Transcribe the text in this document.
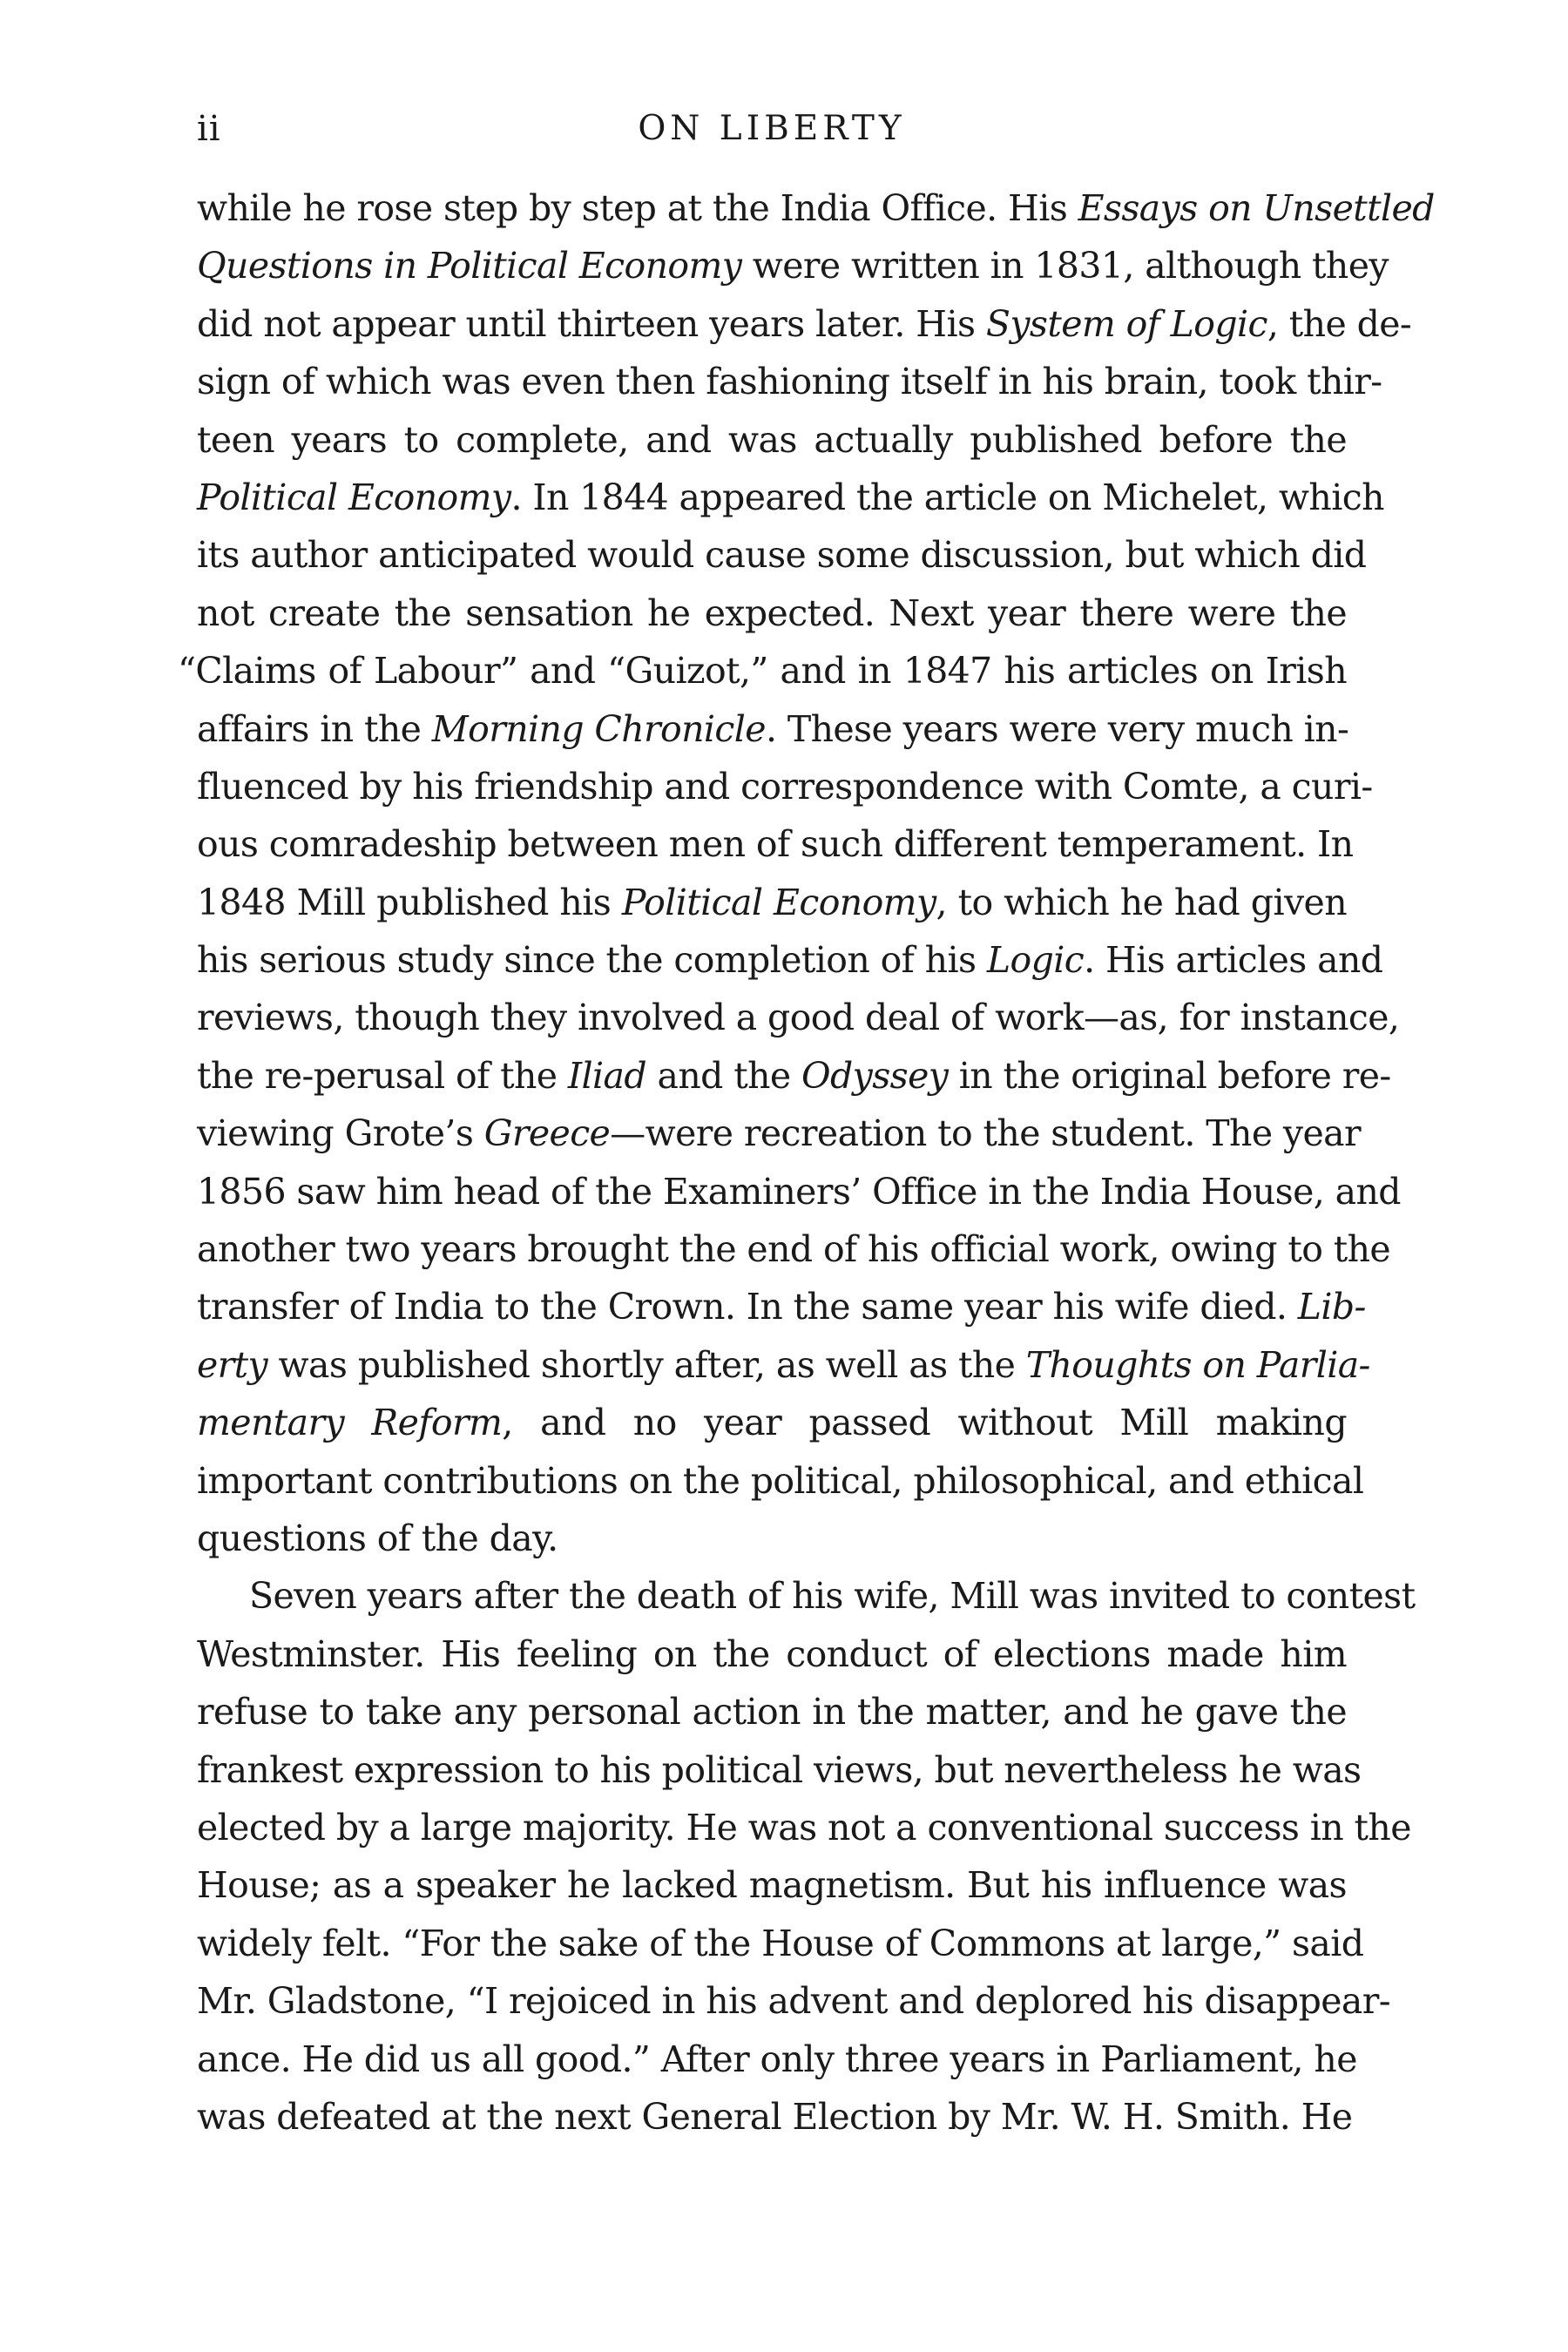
ii	ON LIBERTY
while he rose step by step at the India Office. His Essays on Unsettled
Questions in Political Economy were written in 1831, although they
did not appear until thirteen years later. His System of Logic, the de-
sign of which was even then fashioning itself in his brain, took thir-
teen years to complete, and was actually published before the
Political Economy. In 1844 appeared the article on Michelet, which
its author anticipated would cause some discussion, but which did
not create the sensation he expected. Next year there were the
“Claims of Labour” and “Guizot,” and in 1847 his articles on Irish
affairs in the Morning Chronicle. These years were very much in-
fluenced by his friendship and correspondence with Comte, a curi-
ous comradeship between men of such different temperament. In
1848 Mill published his Political Economy, to which he had given
his serious study since the completion of his Logic. His articles and
reviews, though they involved a good deal of work—as, for instance,
the re-perusal of the Iliad and the Odyssey in the original before re-
viewing Grote’s Greece—were recreation to the student. The year
1856 saw him head of the Examiners’ Office in the India House, and
another two years brought the end of his official work, owing to the
transfer of India to the Crown. In the same year his wife died. Lib-
erty was published shortly after, as well as the Thoughts on Parlia-
mentary Reform, and no year passed without Mill making
important contributions on the political, philosophical, and ethical
questions of the day.
Seven years after the death of his wife, Mill was invited to contest
Westminster. His feeling on the conduct of elections made him
refuse to take any personal action in the matter, and he gave the
frankest expression to his political views, but nevertheless he was
elected by a large majority. He was not a conventional success in the
House; as a speaker he lacked magnetism. But his influence was
widely felt. “For the sake of the House of Commons at large,” said
Mr. Gladstone, “I rejoiced in his advent and deplored his disappear-
ance. He did us all good.” After only three years in Parliament, he
was defeated at the next General Election by Mr. W. H. Smith. He
